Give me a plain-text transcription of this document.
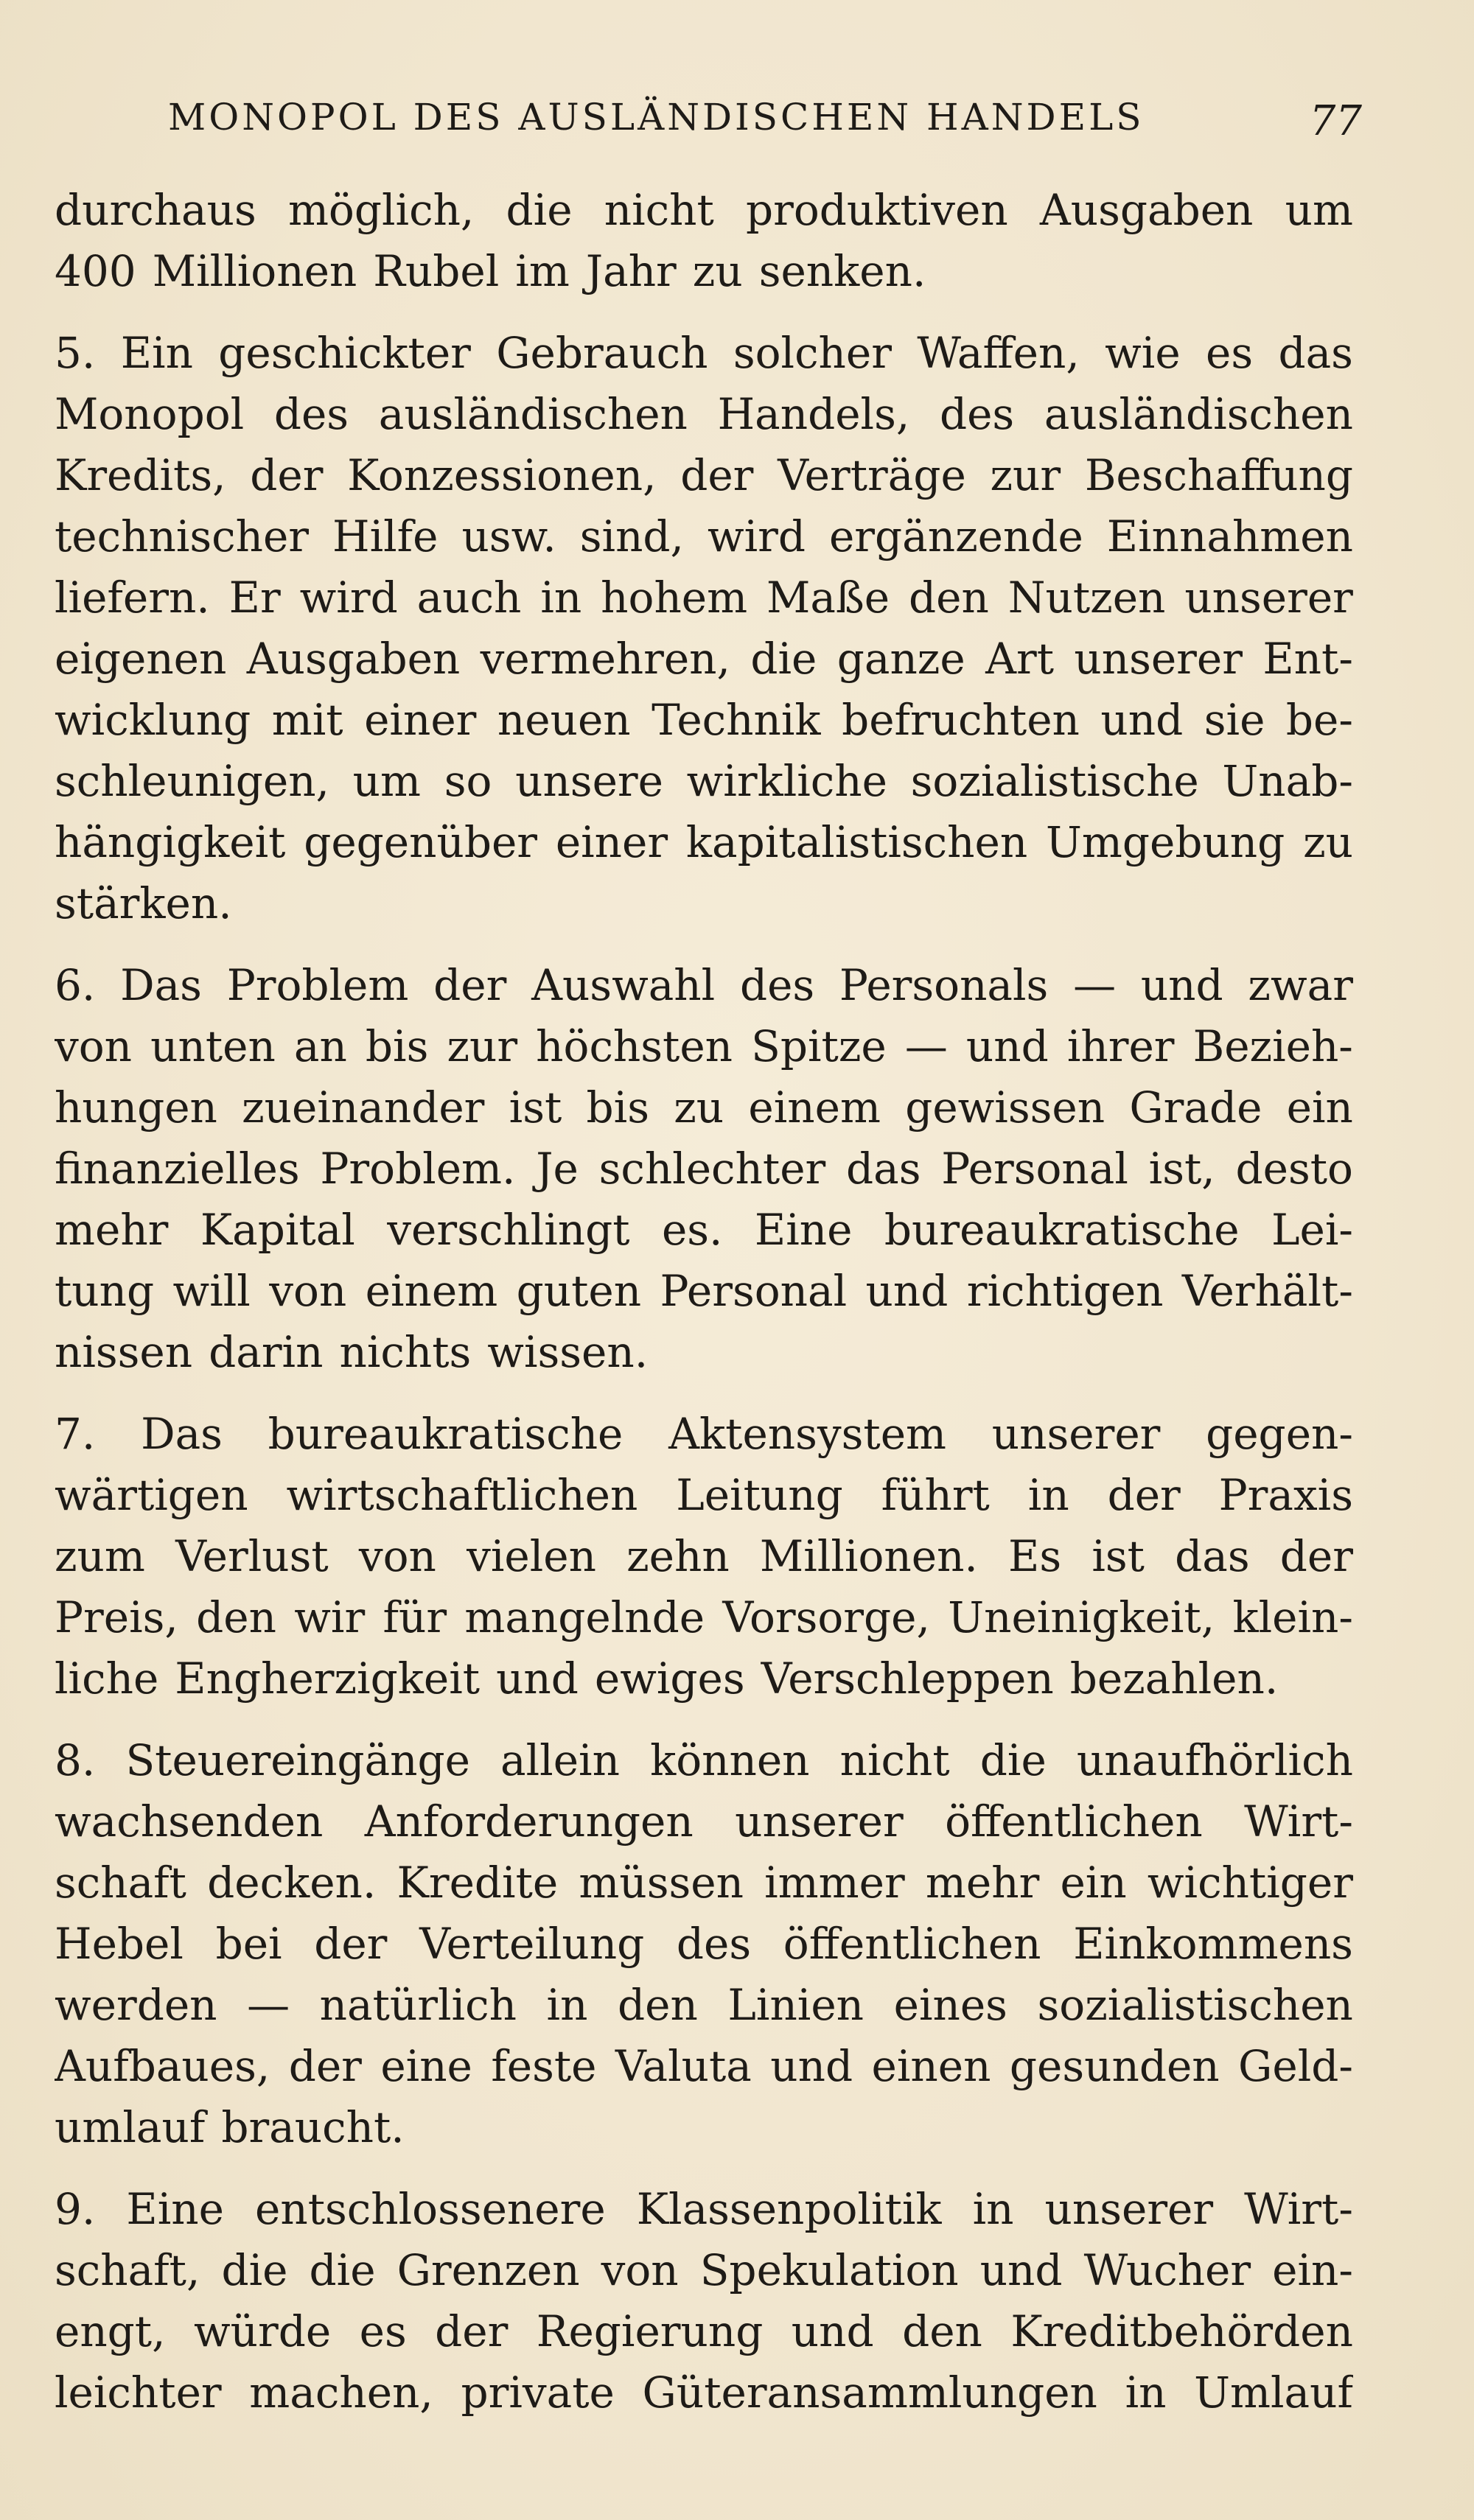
MONOPOL DES AUSLÄNDISCHEN HANDELS	77
durchaus möglich, die nicht produktiven Ausgaben um
400 Millionen Rubel im Jahr zu senken.
5. Ein geschickter Gebrauch solcher Waffen, wie es das
Monopol des ausländischen Handels, des ausländischen
Kredits, der Konzessionen, der Verträge zur Beschaffung
technischer Hilfe usw. sind, wird ergänzende Einnahmen
liefern. Er wird auch in hohem Maße den Nutzen unserer
eigenen Ausgaben vermehren, die ganze Art unserer Ent-
wicklung mit einer neuen Technik befruchten und sie be-
schleunigen, um so unsere wirkliche sozialistische Unab-
hängigkeit gegenüber einer kapitalistischen Umgebung zu
stärken.
6. Das Problem der Auswahl des Personals — und zwar
von unten an bis zur höchsten Spitze — und ihrer Bezieh-
hungen zueinander ist bis zu einem gewissen Grade ein
finanzielles Problem. Je schlechter das Personal ist, desto
mehr Kapital verschlingt es. Eine bureaukratische Lei-
tung will von einem guten Personal und richtigen Verhält-
nissen darin nichts wissen.
7. Das bureaukratische Aktensystem unserer gegen-
wärtigen wirtschaftlichen Leitung führt in der Praxis
zum Verlust von vielen zehn Millionen. Es ist das der
Preis, den wir für mangelnde Vorsorge, Uneinigkeit, klein-
liche Engherzigkeit und ewiges Verschleppen bezahlen.
8. Steuereingänge allein können nicht die unaufhörlich
wachsenden Anforderungen unserer öffentlichen Wirt-
schaft decken. Kredite müssen immer mehr ein wichtiger
Hebel bei der Verteilung des öffentlichen Einkommens
werden — natürlich in den Linien eines sozialistischen
Aufbaues, der eine feste Valuta und einen gesunden Geld-
umlauf braucht.
9. Eine entschlossenere Klassenpolitik in unserer Wirt-
schaft, die die Grenzen von Spekulation und Wucher ein-
engt, würde es der Regierung und den Kreditbehörden
leichter machen, private Güteransammlungen in Umlauf
